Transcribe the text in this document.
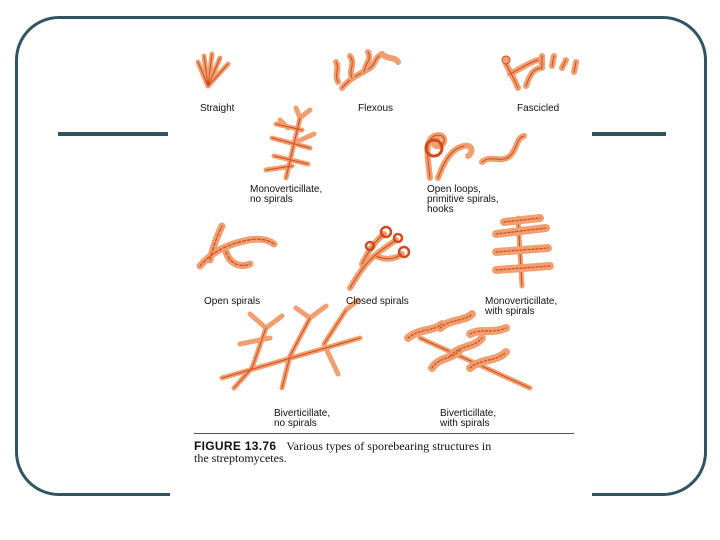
Straight	Flexous	Fascicled
Monoverticillate,
no spirals
Open loops,
primitive spirals,
hooks
Open spirals	Closed spirals	Monoverticillate,
with spirals
Biverticillate,
no spirals
Biverticillate,
with spirals
FIGURE 13.76 Various types of sporebearing structures in
the streptomycetes.
